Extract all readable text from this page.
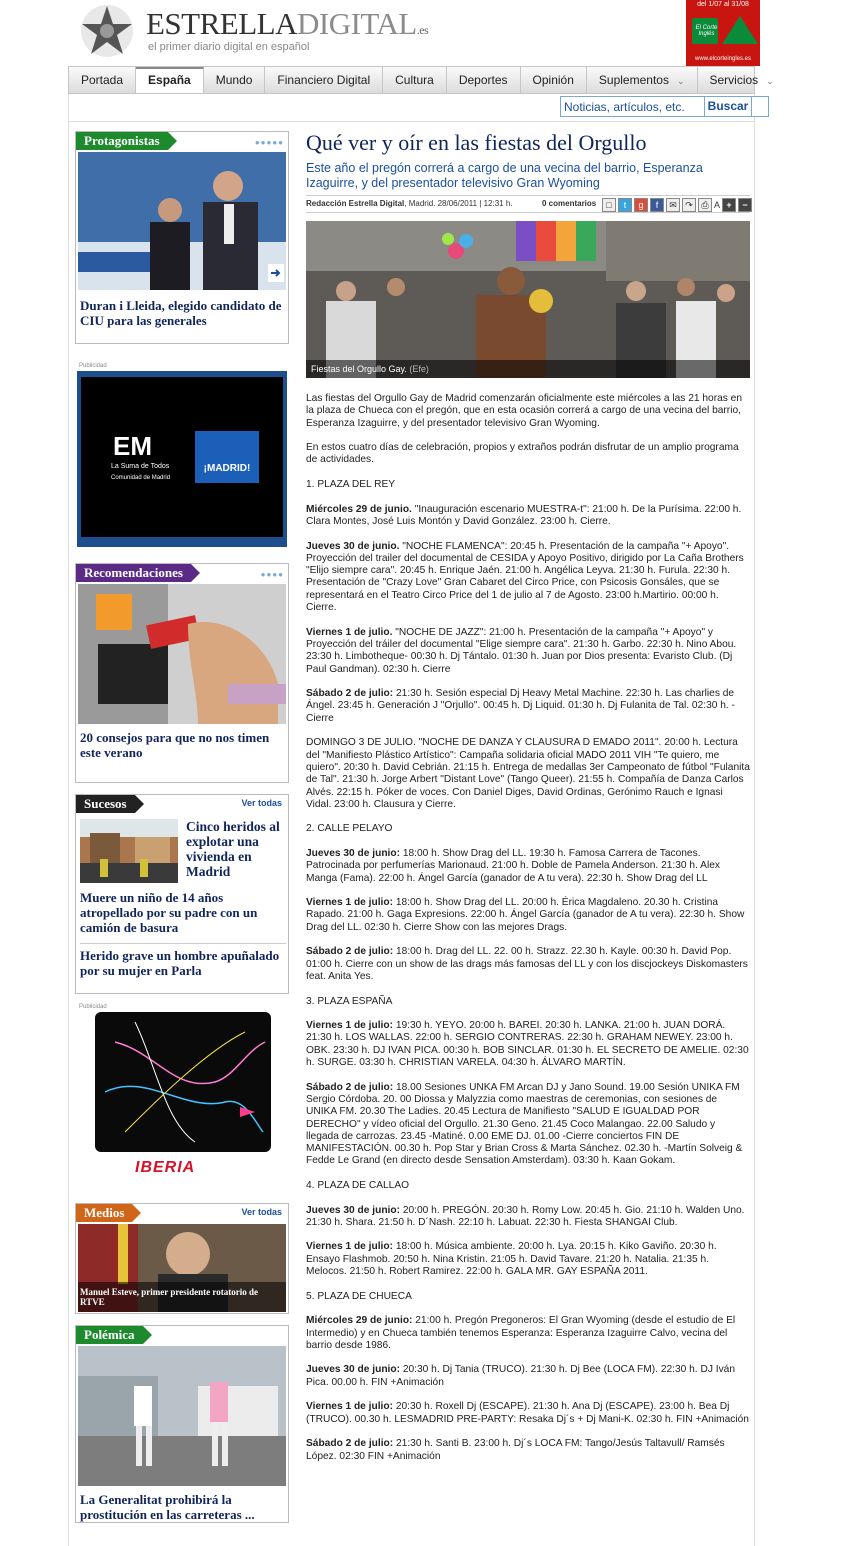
ESTRELLADIGITAL.es
el primer diario digital en español
del 1/07 al 31/08
El Corte Inglés
www.elcorteingles.es
Portada	España	Mundo	Financiero Digital	Cultura	Deportes	Opinión	Suplementos ⌄	Servicios ⌄
Noticias, artículos, etc.
Buscar
Protagonistas	●●●●●
Duran i Lleida, elegido candidato de CIU para las generales
Publicidad
EM
La Suma de Todos
Comunidad de Madrid
¡MADRID!
Recomendaciones	●●●●
20 consejos para que no nos timen este verano
Sucesos	Ver todas
Cinco heridos al explotar una vivienda en Madrid
Muere un niño de 14 años atropellado por su padre con un camión de basura
Herido grave un hombre apuñalado por su mujer en Parla
Publicidad
IBERIA
Medios	Ver todas
Manuel Esteve, primer presidente rotatorio de RTVE
Polémica
La Generalitat prohibirá la prostitución en las carreteras ...
Qué ver y oír en las fiestas del Orgullo
Este año el pregón correrá a cargo de una vecina del barrio, Esperanza Izaguirre, y del presentador televisivo Gran Wyoming
Redacción Estrella Digital, Madrid. 28/06/2011 | 12:31 h.	0 comentarios	□	t	g	f	✉ ↷ ⎙ A +	−
Fiestas del Orgullo Gay. (Efe)

Las fiestas del Orgullo Gay de Madrid comenzarán oficialmente este miércoles a las 21 horas en la plaza de Chueca con el pregón, que en esta ocasión correrá a cargo de una vecina del barrio, Esperanza Izaguirre, y del presentador televisivo Gran Wyoming.

En estos cuatro días de celebración, propios y extraños podrán disfrutar de un amplio programa de actividades.

1. PLAZA DEL REY

Miércoles 29 de junio. "Inauguración escenario MUESTRA-t": 21:00 h. De la Purísima. 22:00 h. Clara Montes, José Luis Montón y David González. 23:00 h. Cierre.

Jueves 30 de junio. "NOCHE FLAMENCA": 20:45 h. Presentación de la campaña "+ Apoyo". Proyección del trailer del documental de CESIDA y Apoyo Positivo, dirigido por La Caña Brothers "Elijo siempre cara". 20:45 h. Enrique Jaén. 21:00 h. Angélica Leyva. 21:30 h. Furula. 22:30 h. Presentación de "Crazy Love" Gran Cabaret del Circo Price, con Psicosis Gonsáles, que se representará en el Teatro Circo Price del 1 de julio al 7 de Agosto. 23:00 h.Martirio. 00:00 h. Cierre.

Viernes 1 de julio. "NOCHE DE JAZZ": 21:00 h. Presentación de la campaña "+ Apoyo" y Proyección del tráiler del documental "Elige siempre cara". 21:30 h. Garbo. 22:30 h. Nino Abou. 23:30 h. Limbotheque- 00:30 h. Dj Tántalo. 01:30 h. Juan por Dios presenta: Evaristo Club. (Dj Paul Gandman). 02:30 h. Cierre

Sábado 2 de julio: 21:30 h. Sesión especial Dj Heavy Metal Machine. 22:30 h. Las charlies de Ángel. 23:45 h. Generación J "Orjullo". 00:45 h. Dj Liquid. 01:30 h. Dj Fulanita de Tal. 02:30 h. - Cierre

DOMINGO 3 DE JULIO. "NOCHE DE DANZA Y CLAUSURA D EMADO 2011". 20:00 h. Lectura del "Manifiesto Plástico Artístico": Campaña solidaria oficial MADO 2011 VIH "Te quiero, me quiero". 20:30 h. David Cebrián. 21:15 h. Entrega de medallas 3er Campeonato de fútbol "Fulanita de Tal". 21:30 h. Jorge Arbert "Distant Love" (Tango Queer). 21:55 h. Compañía de Danza Carlos Alvés. 22:15 h. Póker de voces. Con Daniel Diges, David Ordinas, Gerónimo Rauch e Ignasi Vidal. 23:00 h. Clausura y Cierre.

2. CALLE PELAYO

Jueves 30 de junio: 18:00 h. Show Drag del LL. 19:30 h. Famosa Carrera de Tacones. Patrocinada por perfumerías Marionaud. 21:00 h. Doble de Pamela Anderson. 21:30 h. Alex Manga (Fama). 22:00 h. Ángel García (ganador de A tu vera). 22:30 h. Show Drag del LL

Viernes 1 de julio: 18:00 h. Show Drag del LL. 20:00 h. Érica Magdaleno. 20.30 h. Cristina Rapado. 21:00 h. Gaga Expresions. 22:00 h. Ángel García (ganador de A tu vera). 22:30 h. Show Drag del LL. 02:30 h. Cierre Show con las mejores Drags.

Sábado 2 de julio: 18:00 h. Drag del LL. 22. 00 h. Strazz. 22.30 h. Kayle. 00:30 h. David Pop. 01:00 h. Cierre con un show de las drags más famosas del LL y con los discjockeys Diskomasters feat. Anita Yes.

3. PLAZA ESPAÑA

Viernes 1 de julio: 19:30 h. YEYO. 20:00 h. BAREI. 20:30 h. LANKA. 21:00 h. JUAN DORÁ. 21:30 h. LOS WALLAS. 22:00 h. SERGIO CONTRERAS. 22:30 h. GRAHAM NEWEY. 23:00 h. OBK. 23:30 h. DJ IVAN PICA. 00:30 h. BOB SINCLAR. 01:30 h. EL SECRETO DE AMELIE. 02:30 h. SURGE. 03:30 h. CHRISTIAN VARELA. 04:30 h. ÁLVARO MARTÍN.

Sábado 2 de julio: 18.00 Sesiones UNKA FM Arcan DJ y Jano Sound. 19.00 Sesión UNIKA FM Sergio Córdoba. 20. 00 Diossa y Malyzzia como maestras de ceremonias, con sesiones de UNIKA FM. 20.30 The Ladies. 20.45 Lectura de Manifiesto "SALUD E IGUALDAD POR DERECHO" y vídeo oficial del Orgullo. 21.30 Geno. 21.45 Coco Malangao. 22.00 Saludo y llegada de carrozas. 23.45 -Matiné. 0.00 EME DJ. 01.00 -Cierre conciertos FIN DE MANIFESTACIÓN. 00.30 h. Pop Star y Brian Cross & Marta Sánchez. 02.30 h. -Martín Solveig & Fedde Le Grand (en directo desde Sensation Amsterdam). 03:30 h. Kaan Gokam.

4. PLAZA DE CALLAO

Jueves 30 de junio: 20:00 h. PREGÓN. 20:30 h. Romy Low. 20:45 h. Gio. 21:10 h. Walden Uno. 21:30 h. Shara. 21:50 h. D´Nash. 22:10 h. Labuat. 22:30 h. Fiesta SHANGAI Club.

Viernes 1 de julio: 18:00 h. Música ambiente. 20:00 h. Lya. 20:15 h. Kiko Gaviño. 20:30 h. Ensayo Flashmob. 20:50 h. Nina Kristin. 21:05 h. David Tavare. 21:20 h. Natalia. 21:35 h. Melocos. 21:50 h. Robert Ramirez. 22:00 h. GALA MR. GAY ESPAÑA 2011.

5. PLAZA DE CHUECA

Miércoles 29 de junio: 21:00 h. Pregón Pregoneros: El Gran Wyoming (desde el estudio de El Intermedio) y en Chueca también tenemos Esperanza: Esperanza Izaguirre Calvo, vecina del barrio desde 1986.

Jueves 30 de junio: 20:30 h. Dj Tania (TRUCO). 21:30 h. Dj Bee (LOCA FM). 22:30 h. DJ Iván Pica. 00.00 h. FIN +Animación

Viernes 1 de julio: 20:30 h. Roxell Dj (ESCAPE). 21:30 h. Ana Dj (ESCAPE). 23:00 h. Bea Dj (TRUCO). 00.30 h. LESMADRID PRE-PARTY: Resaka Dj´s + Dj Mani-K. 02:30 h. FIN +Animación

Sábado 2 de julio: 21:30 h. Santi B. 23:00 h. Dj´s LOCA FM: Tango/Jesús Taltavull/ Ramsés López. 02:30 FIN +Animación
